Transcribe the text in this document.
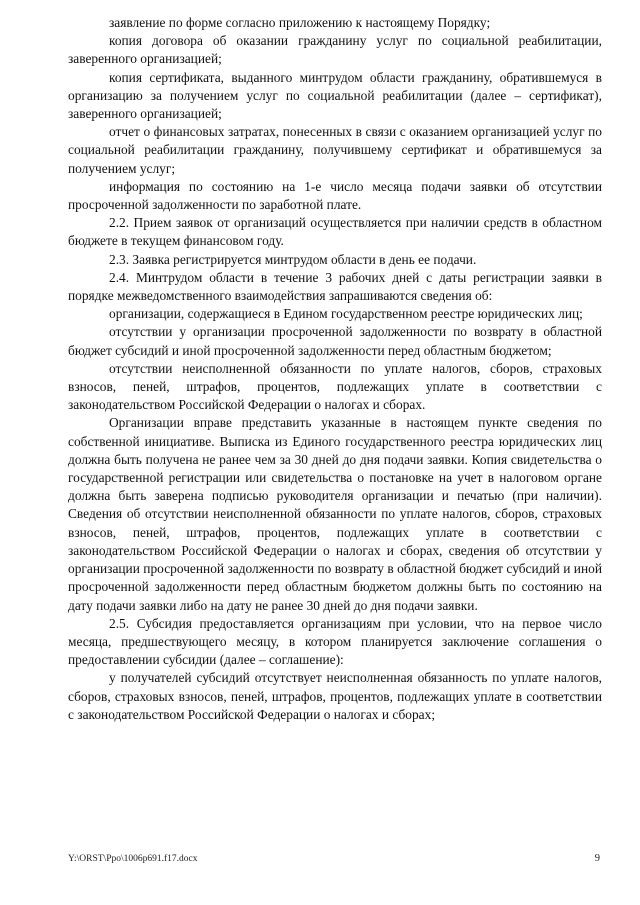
заявление по форме согласно приложению к настоящему Порядку;

копия договора об оказании гражданину услуг по социальной реабилитации, заверенного организацией;

копия сертификата, выданного минтрудом области гражданину, обратившемуся в организацию за получением услуг по социальной реабилитации (далее – сертификат), заверенного организацией;

отчет о финансовых затратах, понесенных в связи с оказанием организацией услуг по социальной реабилитации гражданину, получившему сертификат и обратившемуся за получением услуг;

информация по состоянию на 1-е число месяца подачи заявки об отсутствии просроченной задолженности по заработной плате.

2.2. Прием заявок от организаций осуществляется при наличии средств в областном бюджете в текущем финансовом году.

2.3. Заявка регистрируется минтрудом области в день ее подачи.

2.4. Минтрудом области в течение 3 рабочих дней с даты регистрации заявки в порядке межведомственного взаимодействия запрашиваются сведения об:

организации, содержащиеся в Едином государственном реестре юридических лиц;

отсутствии у организации просроченной задолженности по возврату в областной бюджет субсидий и иной просроченной задолженности перед областным бюджетом;

отсутствии неисполненной обязанности по уплате налогов, сборов, страховых взносов, пеней, штрафов, процентов, подлежащих уплате в соответствии с законодательством Российской Федерации о налогах и сборах.

Организации вправе представить указанные в настоящем пункте сведения по собственной инициативе. Выписка из Единого государственного реестра юридических лиц должна быть получена не ранее чем за 30 дней до дня подачи заявки. Копия свидетельства о государственной регистрации или свидетельства о постановке на учет в налоговом органе должна быть заверена подписью руководителя организации и печатью (при наличии). Сведения об отсутствии неисполненной обязанности по уплате налогов, сборов, страховых взносов, пеней, штрафов, процентов, подлежащих уплате в соответствии с законодательством Российской Федерации о налогах и сборах, сведения об отсутствии у организации просроченной задолженности по возврату в областной бюджет субсидий и иной просроченной задолженности перед областным бюджетом должны быть по состоянию на дату подачи заявки либо на дату не ранее 30 дней до дня подачи заявки.

2.5. Субсидия предоставляется организациям при условии, что на первое число месяца, предшествующего месяцу, в котором планируется заключение соглашения о предоставлении субсидии (далее – соглашение):

у получателей субсидий отсутствует неисполненная обязанность по уплате налогов, сборов, страховых взносов, пеней, штрафов, процентов, подлежащих уплате в соответствии с законодательством Российской Федерации о налогах и сборах;

Y:\ORST\Ppo\1006p691.f17.docx	9
